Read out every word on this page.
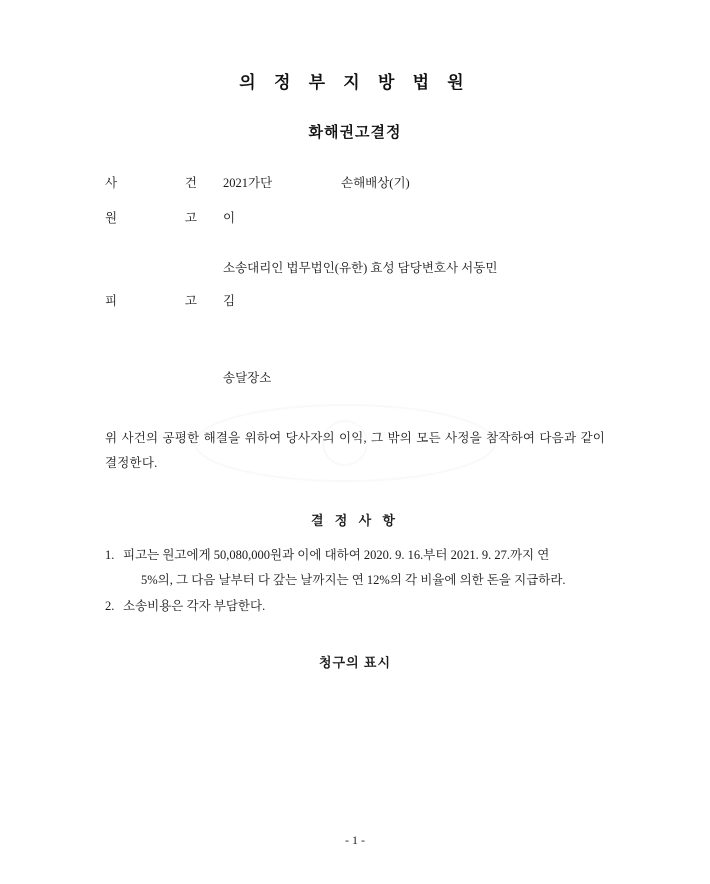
의 정 부 지 방 법 원
화해권고결정
사	건 2021가단	손해배상(기)
원	고 이
소송대리인 법무법인(유한) 효성 담당변호사 서동민
피	고 김
송달장소
위 사건의 공평한 해결을 위하여 당사자의 이익, 그 밖의 모든 사정을 참작하여 다음과 같이 결정한다.
결 정 사 항
1. 피고는 원고에게 50,080,000원과 이에 대하여 2020. 9. 16.부터 2021. 9. 27.까지 연
5%의, 그 다음 날부터 다 갚는 날까지는 연 12%의 각 비율에 의한 돈을 지급하라.
2. 소송비용은 각자 부담한다.
청구의 표시
- 1 -
